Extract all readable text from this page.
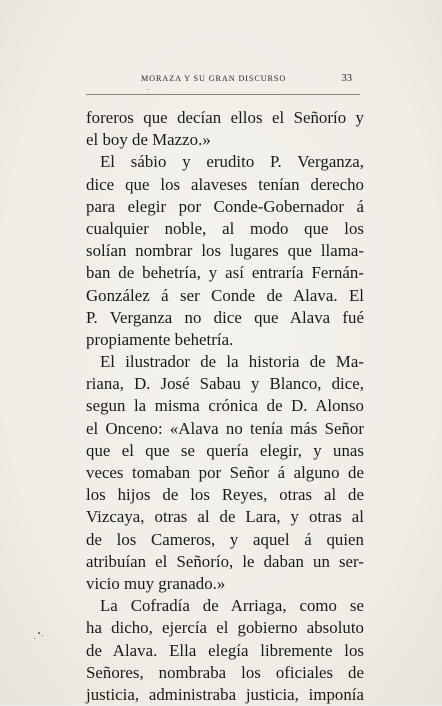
MORAZA Y SU GRAN DISCURSO	33
foreros que decían ellos el Señorío y
el boy de Mazzo.»
El sábio y erudito P. Verganza,
dice que los alaveses tenían derecho
para elegir por Conde-Gobernador á
cualquier noble, al modo que los
solían nombrar los lugares que llama-
ban de behetría, y así entraría Fernán-
González á ser Conde de Alava. El
P. Verganza no dice que Alava fué
propiamente behetría.
El ilustrador de la historia de Ma-
riana, D. José Sabau y Blanco, dice,
segun la misma crónica de D. Alonso
el Onceno: «Alava no tenía más Señor
que el que se quería elegir, y unas
veces tomaban por Señor á alguno de
los hijos de los Reyes, otras al de
Vizcaya, otras al de Lara, y otras al
de los Cameros, y aquel á quien
atribuían el Señorío, le daban un ser-
vicio muy granado.»
La Cofradía de Arriaga, como se
ha dicho, ejercía el gobierno absoluto
de Alava. Ella elegía libremente los
Señores, nombraba los oficiales de
justicia, administraba justicia, imponía
